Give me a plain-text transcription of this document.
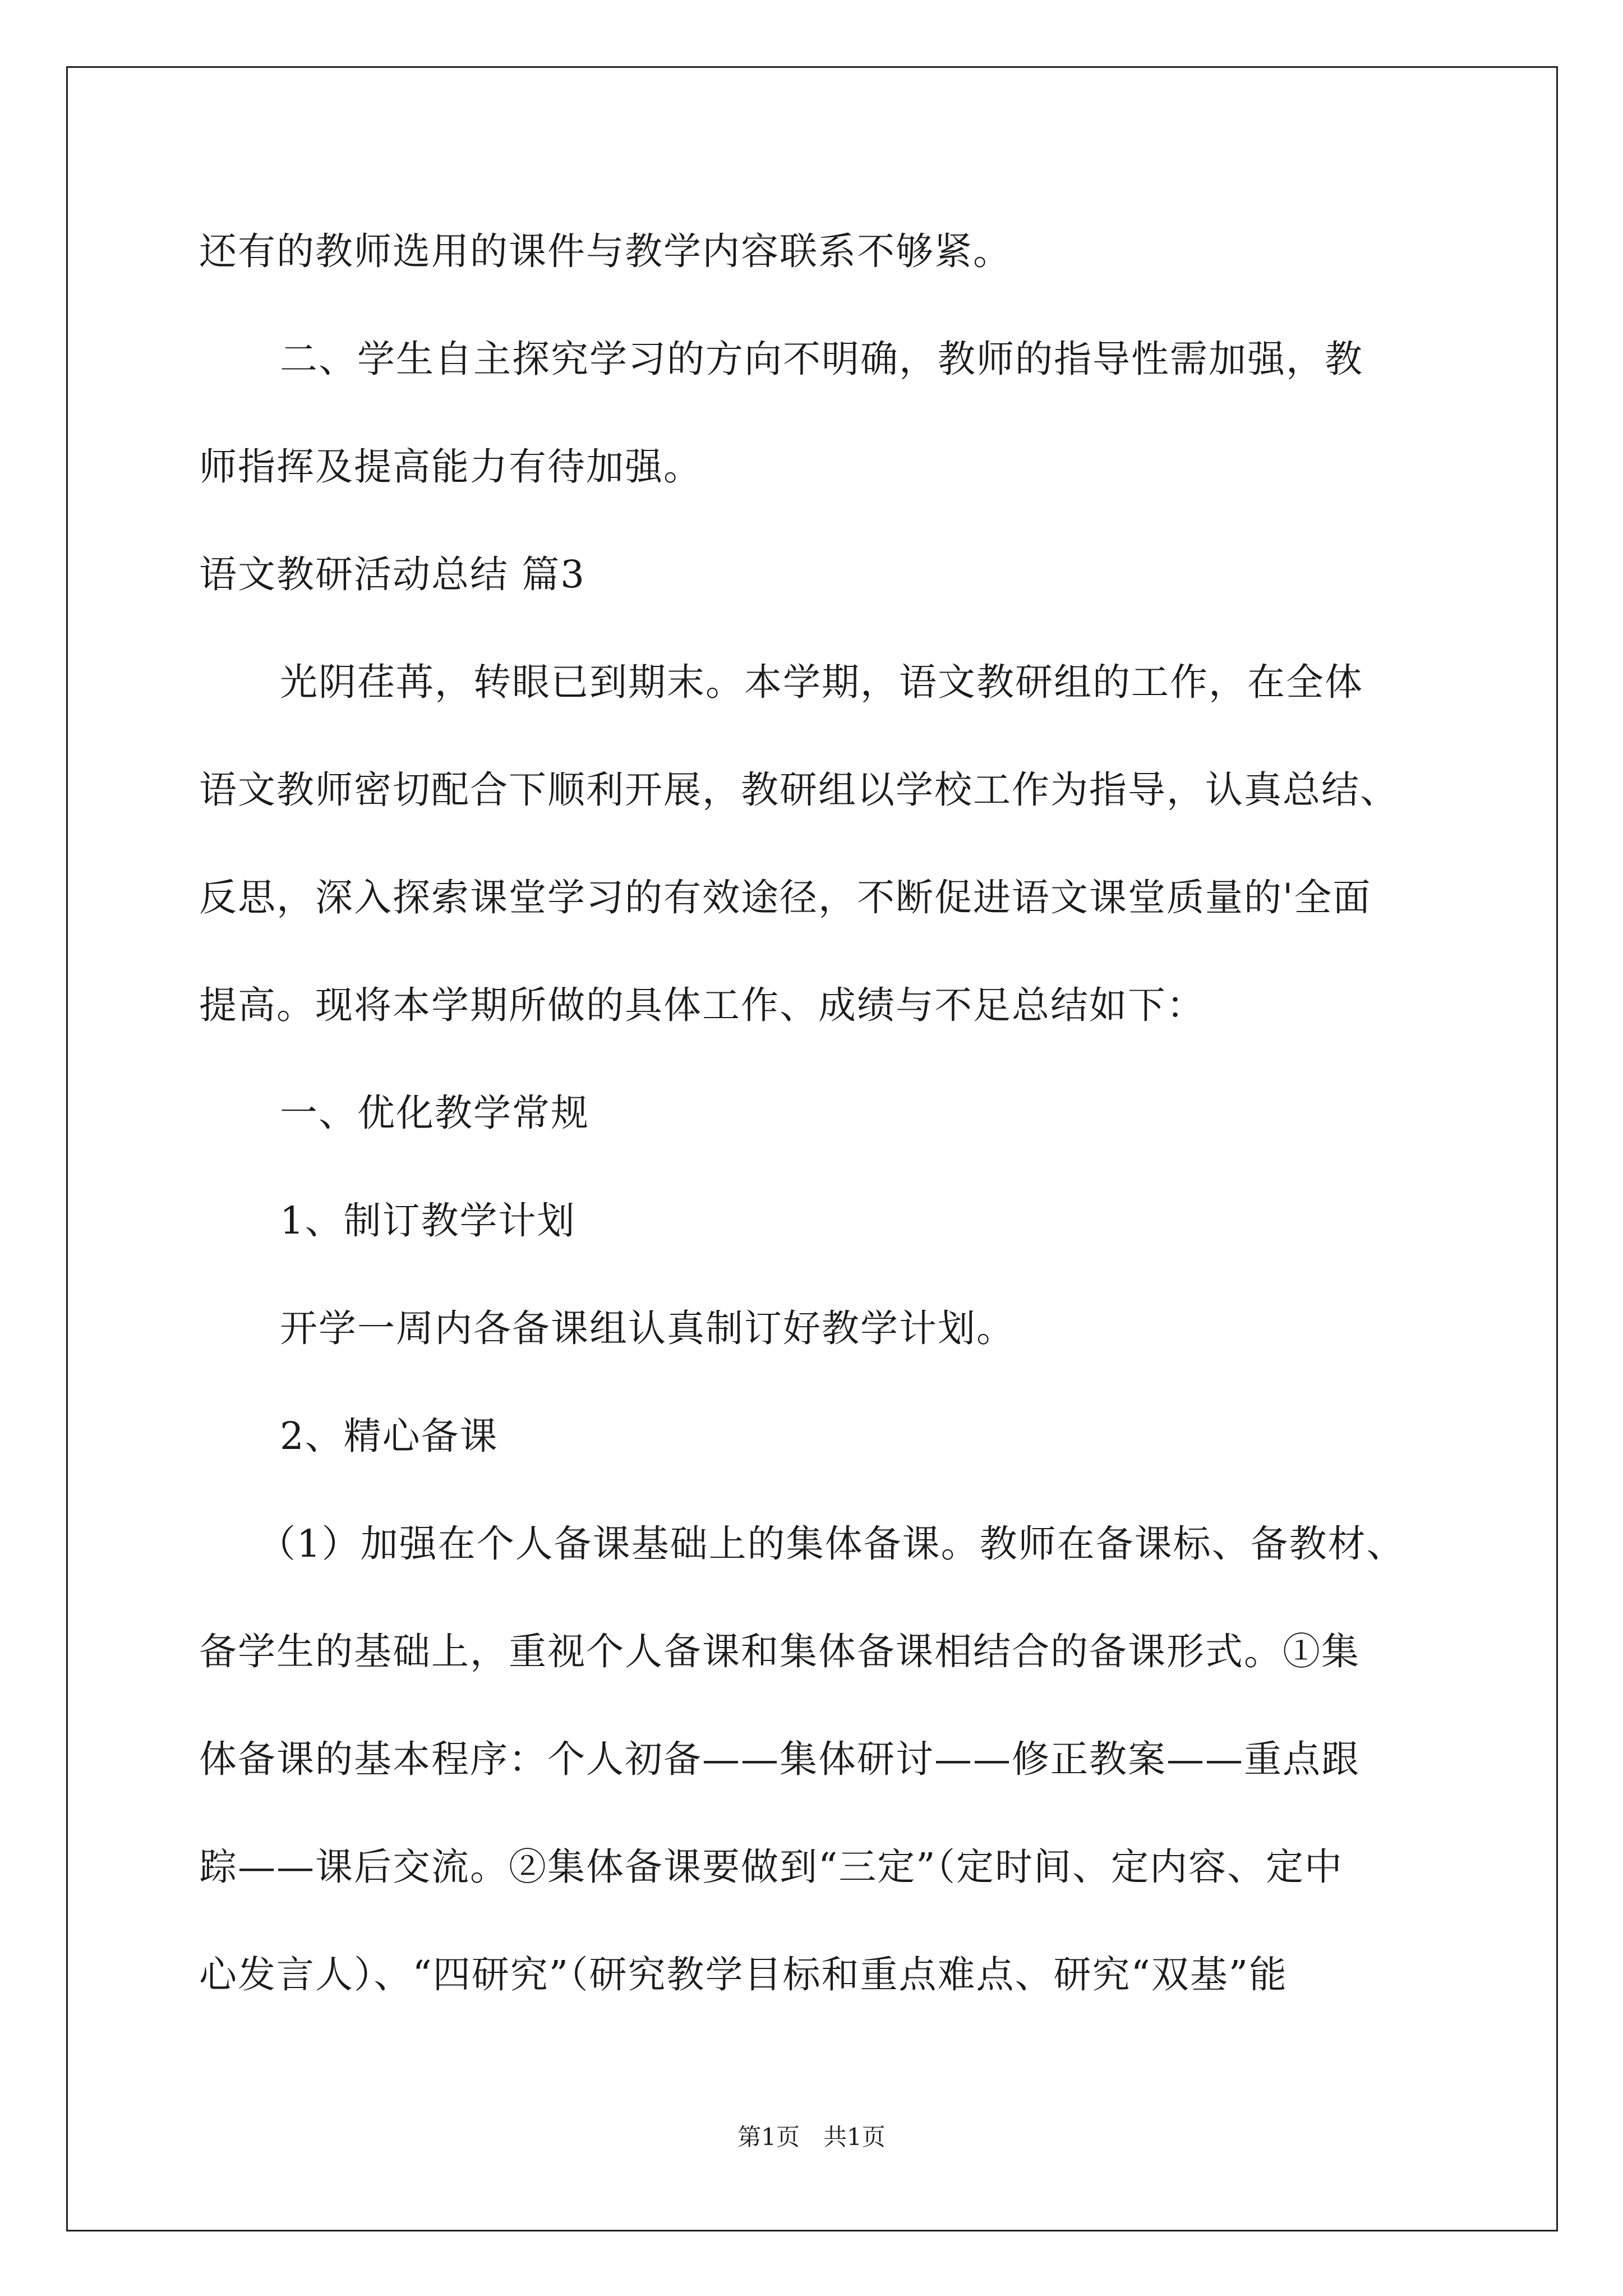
还有的教师选用的课件与教学内容联系不够紧。
二、学生自主探究学习的方向不明确，教师的指导性需加强，教
师指挥及提高能力有待加强。
语文教研活动总结 篇3
光阴荏苒，转眼已到期末。本学期，语文教研组的工作，在全体
语文教师密切配合下顺利开展，教研组以学校工作为指导，认真总结、
反思，深入探索课堂学习的有效途径，不断促进语文课堂质量的'全面
提高。现将本学期所做的具体工作、成绩与不足总结如下：
一、优化教学常规
1、制订教学计划
开学一周内各备课组认真制订好教学计划。
2、精心备课
（1）加强在个人备课基础上的集体备课。教师在备课标、备教材、
备学生的基础上，重视个人备课和集体备课相结合的备课形式。①集
体备课的基本程序：个人初备——集体研讨——修正教案——重点跟
踪——课后交流。②集体备课要做到“三定”（定时间、定内容、定中
心发言人）、“四研究”（研究教学目标和重点难点、研究“双基”能
第1页　共1页
